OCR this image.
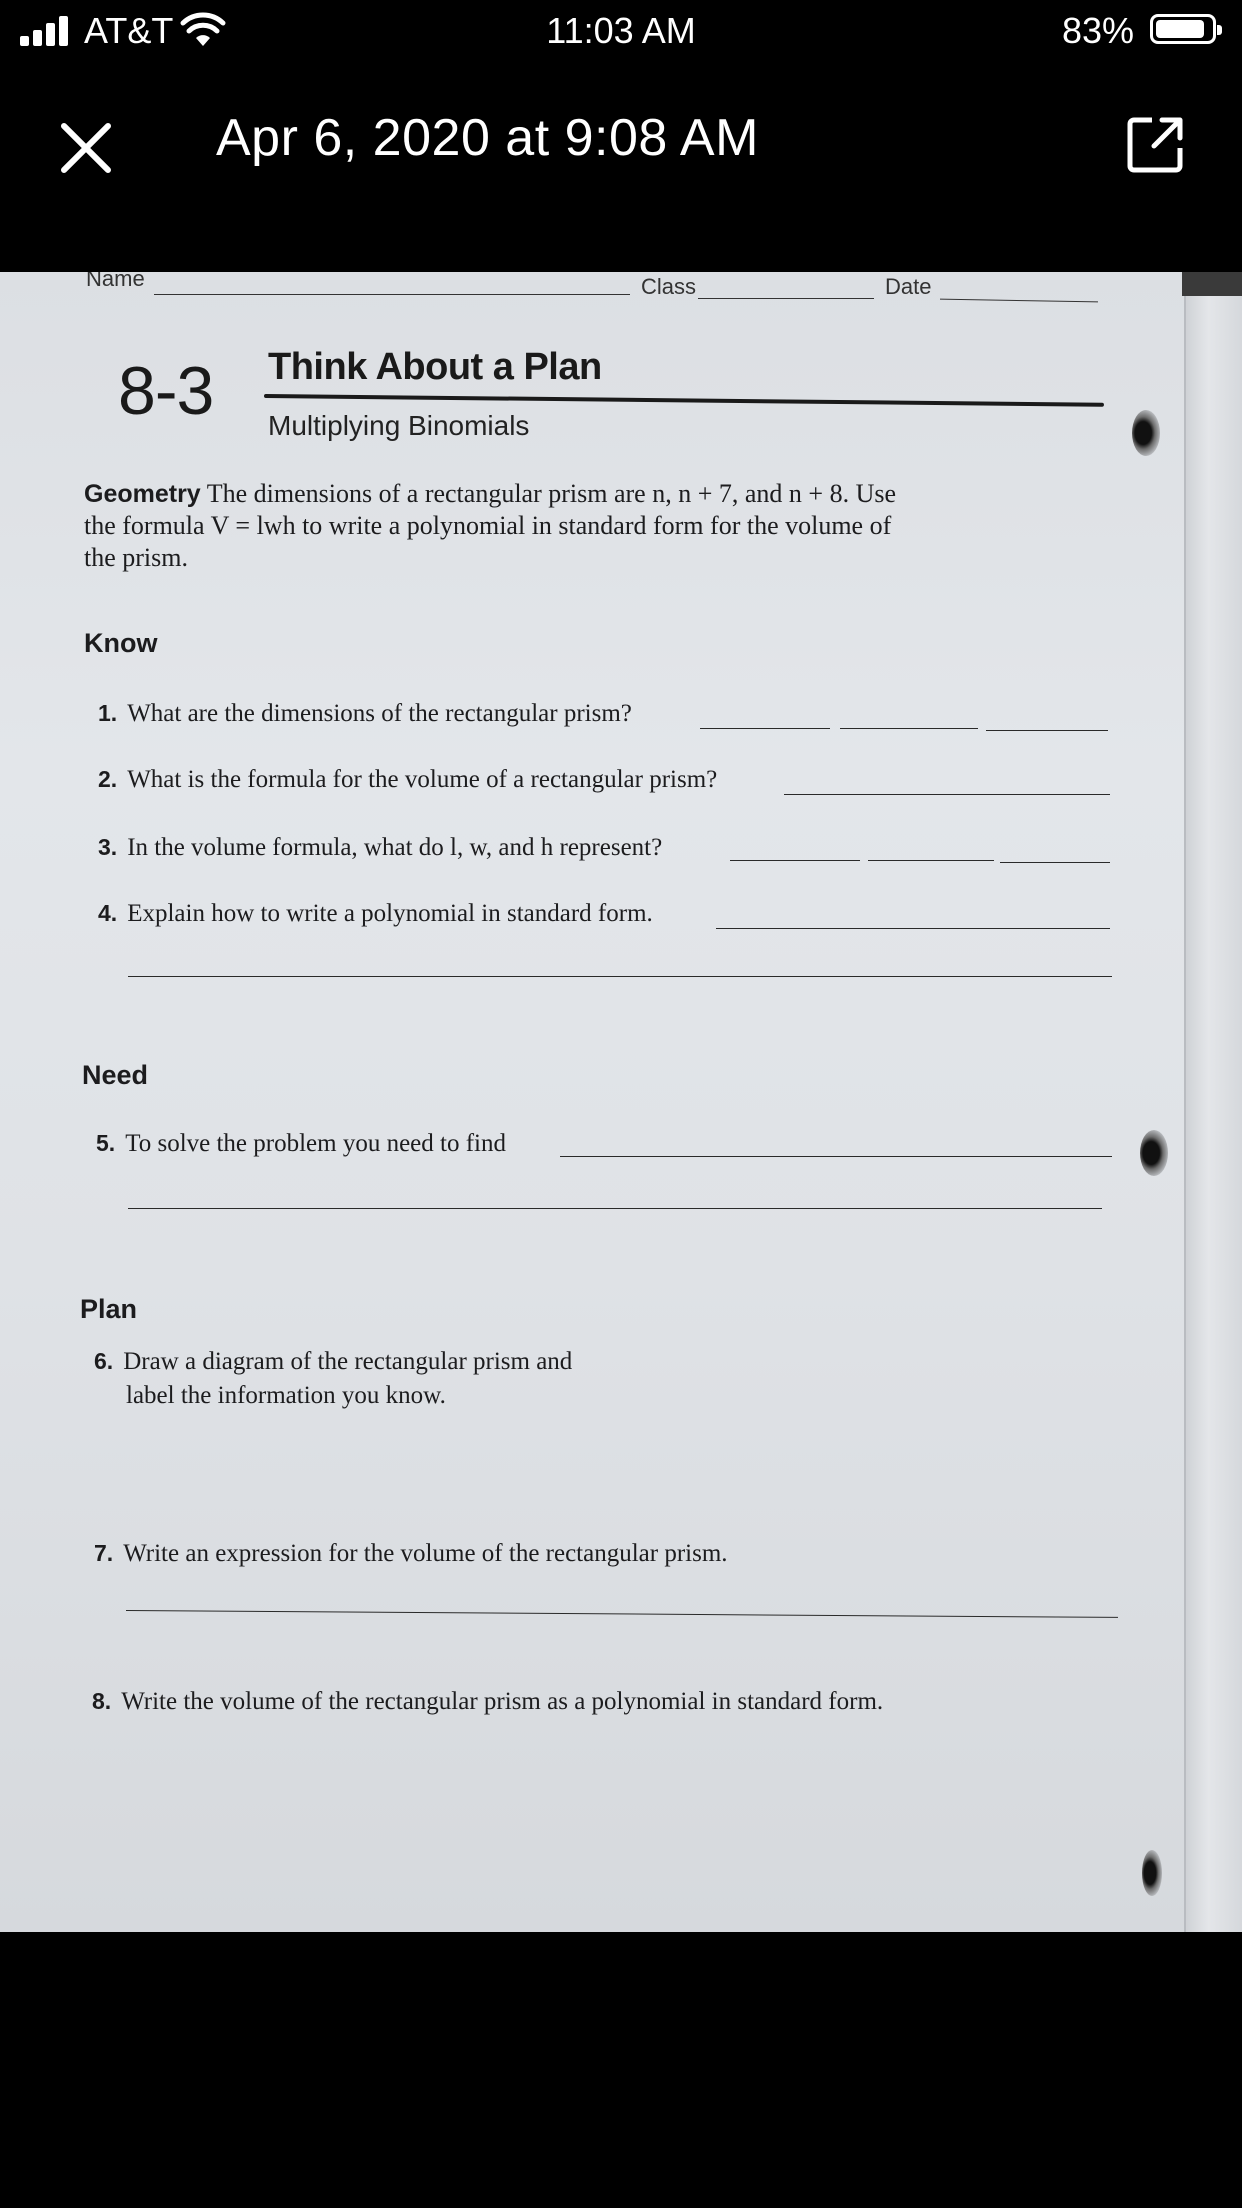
AT&T	11:03 AM	83%
Apr 6, 2020 at 9:08 AM
Name	Class	Date
8-3 Think About a Plan
Multiplying Binomials
Geometry The dimensions of a rectangular prism are n, n + 7, and n + 8. Use
the formula V = lwh to write a polynomial in standard form for the volume of
the prism.
Know
1. What are the dimensions of the rectangular prism?
2. What is the formula for the volume of a rectangular prism?
3. In the volume formula, what do l, w, and h represent?
4. Explain how to write a polynomial in standard form.
Need
5. To solve the problem you need to find
Plan
6. Draw a diagram of the rectangular prism and
label the information you know.
7. Write an expression for the volume of the rectangular prism.
8. Write the volume of the rectangular prism as a polynomial in standard form.
